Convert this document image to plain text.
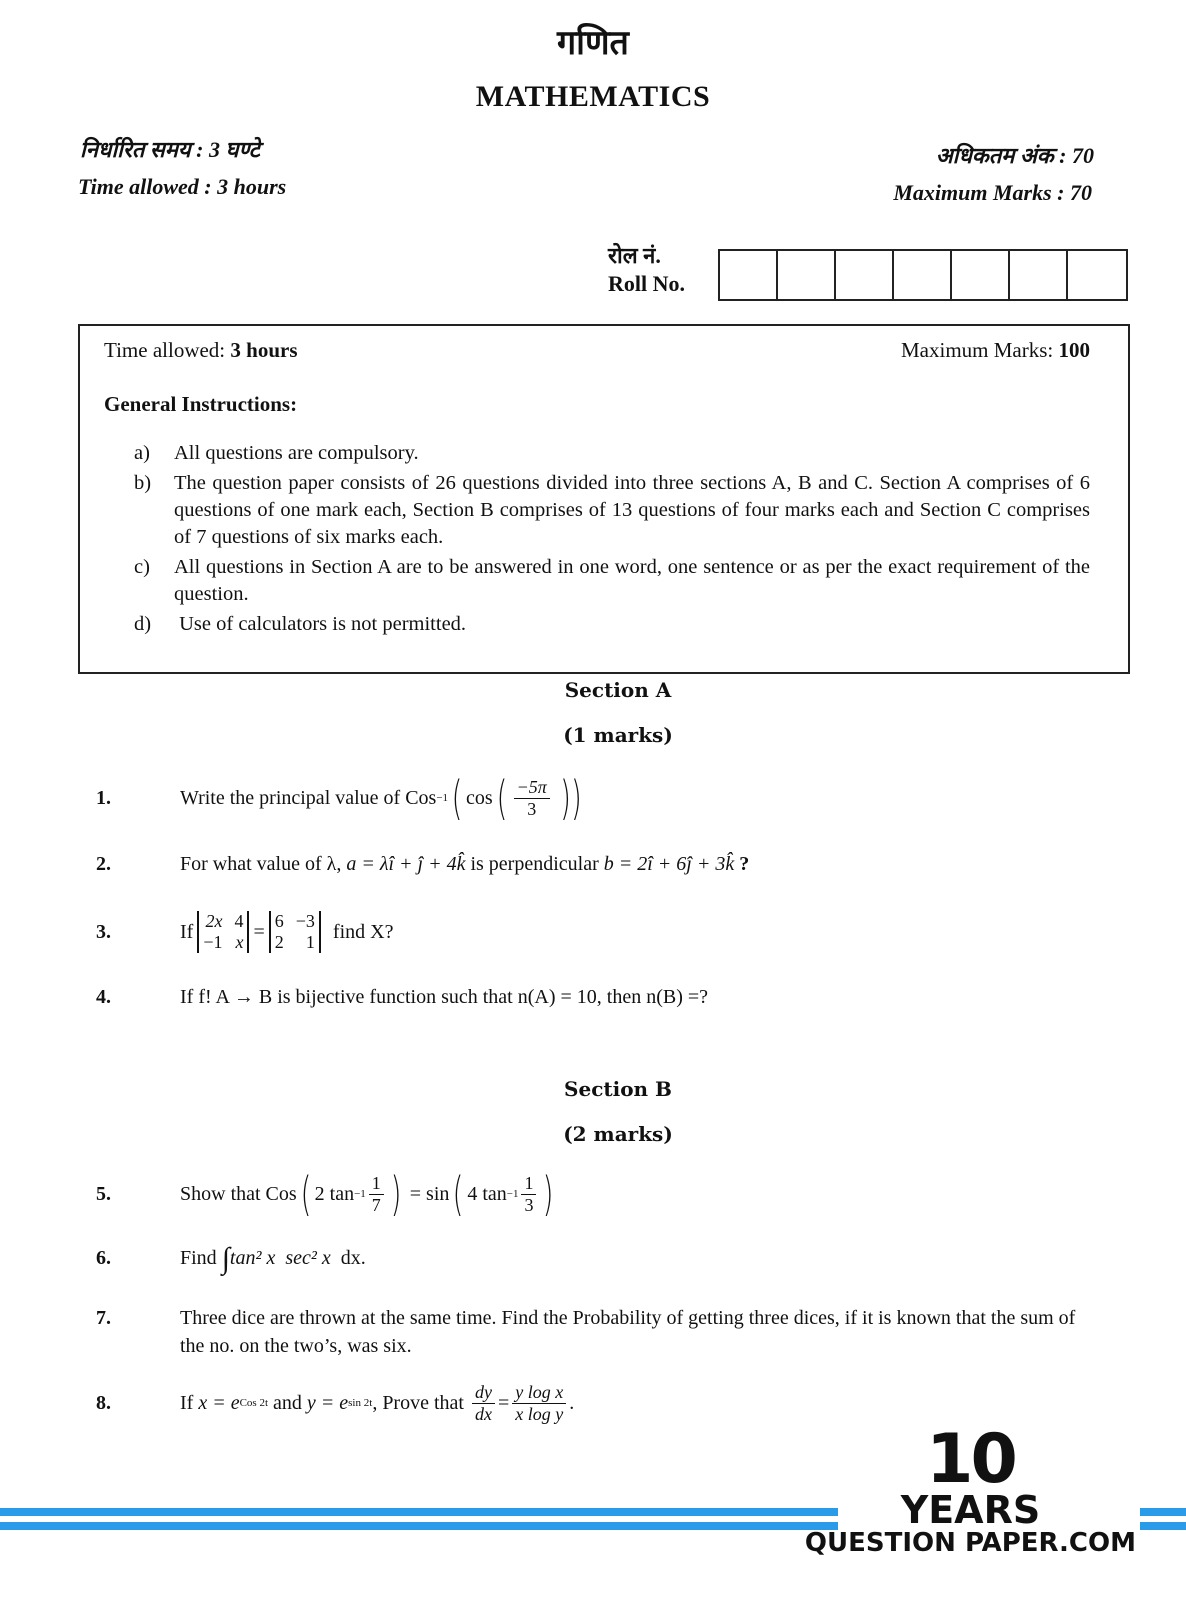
गणित
MATHEMATICS
निर्धारित समय : 3 घण्टे
Time allowed : 3 hours
अधिकतम अंक : 70
Maximum Marks : 70
रोल नं.
Roll No.
Time allowed: 3 hours	Maximum Marks: 100
General Instructions:
a)	All questions are compulsory.
b)	The question paper consists of 26 questions divided into three sections A, B and C. Section A comprises of 6 questions of one mark each, Section B comprises of 13 questions of four marks each and Section C comprises of 7 questions of six marks each.
c)	All questions in Section A are to be answered in one word, one sentence or as per the exact requirement of the question.
d)	Use of calculators is not permitted.
Section A
(1 marks)
1.	Write the principal value of Cos −1 ( cos ( $\frac{-5\pi}{3}$ ))
2.	For what value of λ, a = λî + ĵ + 4k̂ is perpendicular b = 2î + 6ĵ + 3k̂ ?
3.	If 2x 4
−1 x = 6 −3
2	1 find X?
4.	If f! A → B is bijective function such that n(A) = 10, then n(B) =?
Section B
(2 marks)
5.	Show that Cos ( 2 $\tan -1 \frac{1}{7}$ ) = sin ( 4 $\tan -1 \frac{1}{3}$ )
6.	Find ∫ tan² x  sec² x dx.
7.	Three dice are thrown at the same time. Find the Probability of getting three dices, if it is known that the sum of the no. on the two’s, was six.
8.	If x = e Cos 2t and y = e sin 2t , Prove that $\frac{dy}{dx} = \frac{\text{y log x}}{\text{x log y}}$ .
10
YEARS
QUESTION PAPER.COM
